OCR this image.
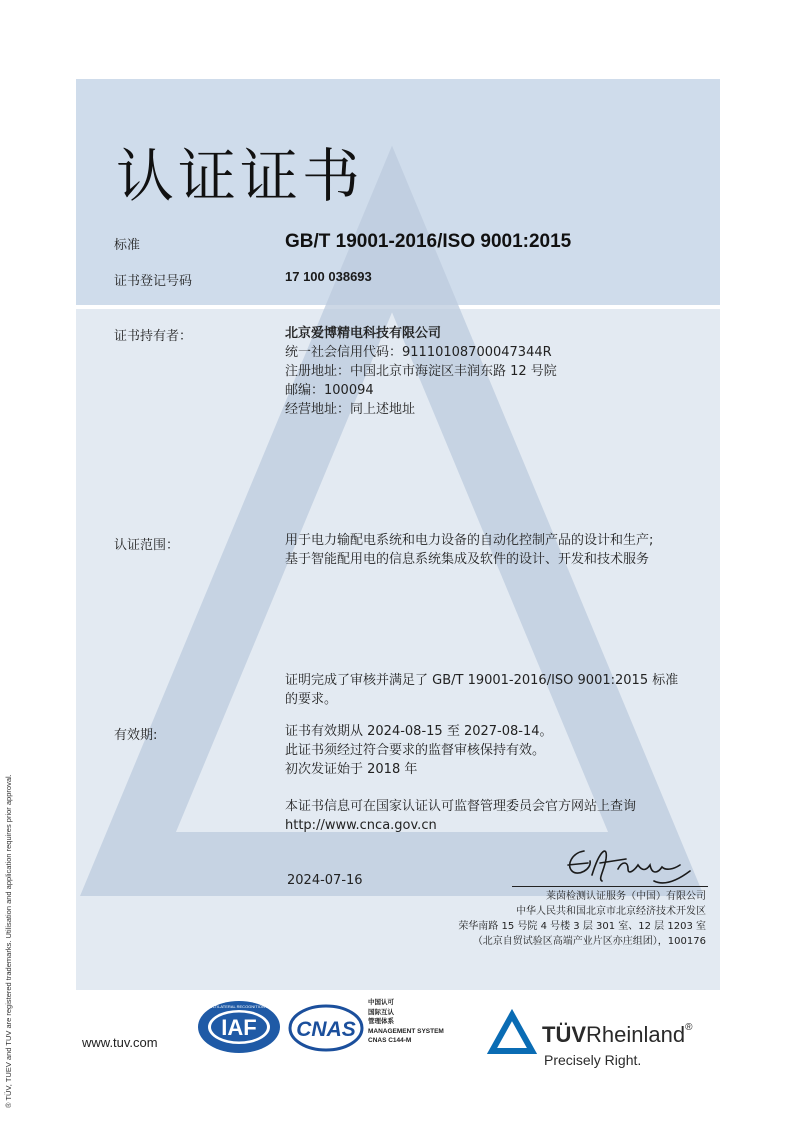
认证证书
标准	GB/T 19001-2016/ISO 9001:2015
证书登记号码	17 100 038693
证书持有者：	北京爱博精电科技有限公司
统一社会信用代码：91110108700047344R
注册地址：中国北京市海淀区丰润东路 12 号院
邮编：100094
经营地址：同上述地址
认证范围：	用于电力输配电系统和电力设备的自动化控制产品的设计和生产;
基于智能配用电的信息系统集成及软件的设计、开发和技术服务
证明完成了审核并满足了 GB/T 19001-2016/ISO 9001:2015 标准
的要求。
有效期:	证书有效期从 2024-08-15 至 2027-08-14。
此证书须经过符合要求的监督审核保持有效。
初次发证始于 2018 年
本证书信息可在国家认证认可监督管理委员会官方网站上查询
http://www.cnca.gov.cn
2024-07-16
莱茵检测认证服务（中国）有限公司
中华人民共和国北京市北京经济技术开发区
荣华南路 15 号院 4 号楼 3 层 301 室、12 层 1203 室
（北京自贸试验区高端产业片区亦庄组团），100176
® TÜV, TUEV and TUV are registered trademarks. Utilisation and application requires prior approval.	www.tuv.com
IAF
MEMBER OF MULTILATERAL RECOGNITION ARRANGEMENT
CNAS
中国认可
国际互认
管理体系
MANAGEMENT SYSTEM
CNAS C144-M	TÜVRheinland®
Precisely Right.
